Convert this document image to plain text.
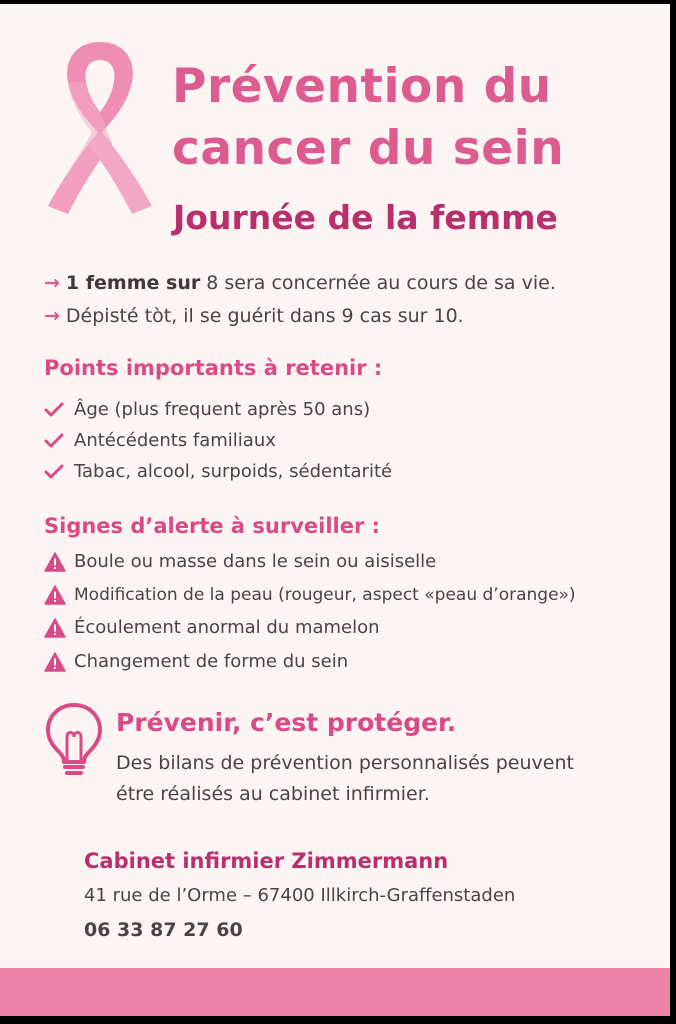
Prévention du
cancer du sein
Journée de la femme
→ 1 femme sur 8 sera concernée au cours de sa vie.
→ Dépisté tòt, il se guérit dans 9 cas sur 10.
Points importants à retenir :
Âge (plus frequent après 50 ans)
Antécédents familiaux
Tabac, alcool, surpoids, sédentarité
Signes d’alerte à surveiller :
Boule ou masse dans le sein ou aisiselle
Modification de la peau (rougeur, aspect «peau d’orange»)
Écoulement anormal du mamelon
Changement de forme du sein
Prévenir, c’est protéger.
Des bilans de prévention personnalisés peuvent
étre réalisés au cabinet infirmier.
Cabinet infirmier Zimmermann
41 rue de l’Orme – 67400 Illkirch-Graffenstaden
06 33 87 27 60
